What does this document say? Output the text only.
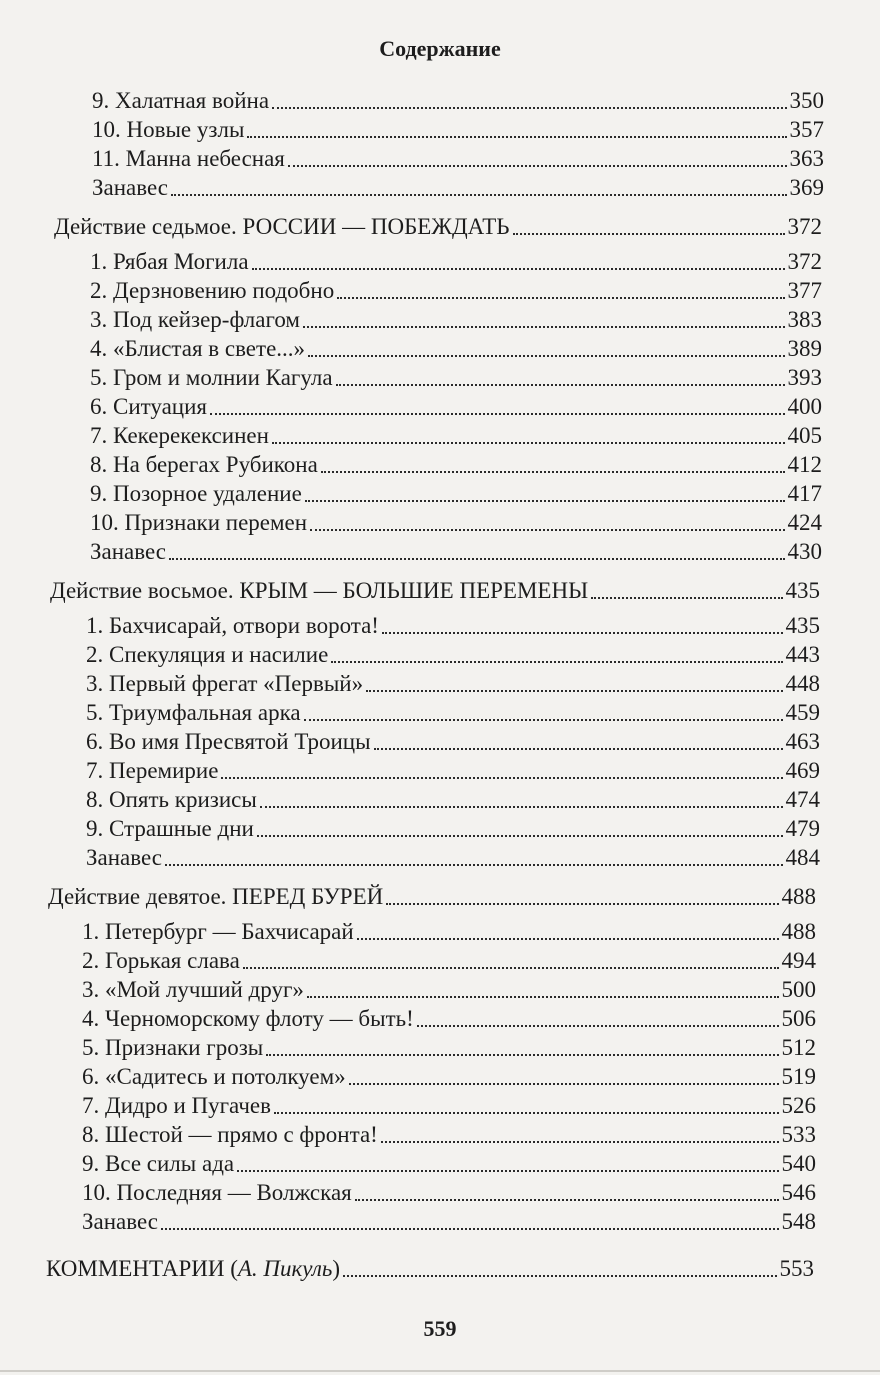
Содержание
9. Халатная война	350
10. Новые узлы	357
11. Манна небесная	363
Занавес	369
Действие седьмое. РОССИИ — ПОБЕЖДАТЬ	372
1. Рябая Могила	372
2. Дерзновению подобно	377
3. Под кейзер-флагом	383
4. «Блистая в свете...»	389
5. Гром и молнии Кагула	393
6. Ситуация	400
7. Кекерекексинен	405
8. На берегах Рубикона	412
9. Позорное удаление	417
10. Признаки перемен	424
Занавес	430
Действие восьмое. КРЫМ — БОЛЬШИЕ ПЕРЕМЕНЫ	435
1. Бахчисарай, отвори ворота!	435
2. Спекуляция и насилие	443
3. Первый фрегат «Первый»	448
5. Триумфальная арка	459
6. Во имя Пресвятой Троицы	463
7. Перемирие	469
8. Опять кризисы	474
9. Страшные дни	479
Занавес	484
Действие девятое. ПЕРЕД БУРЕЙ	488
1. Петербург — Бахчисарай	488
2. Горькая слава	494
3. «Мой лучший друг»	500
4. Черноморскому флоту — быть!	506
5. Признаки грозы	512
6. «Садитесь и потолкуем»	519
7. Дидро и Пугачев	526
8. Шестой — прямо с фронта!	533
9. Все силы ада	540
10. Последняя — Волжская	546
Занавес	548
КОММЕНТАРИИ (А. Пикуль)	553
559
